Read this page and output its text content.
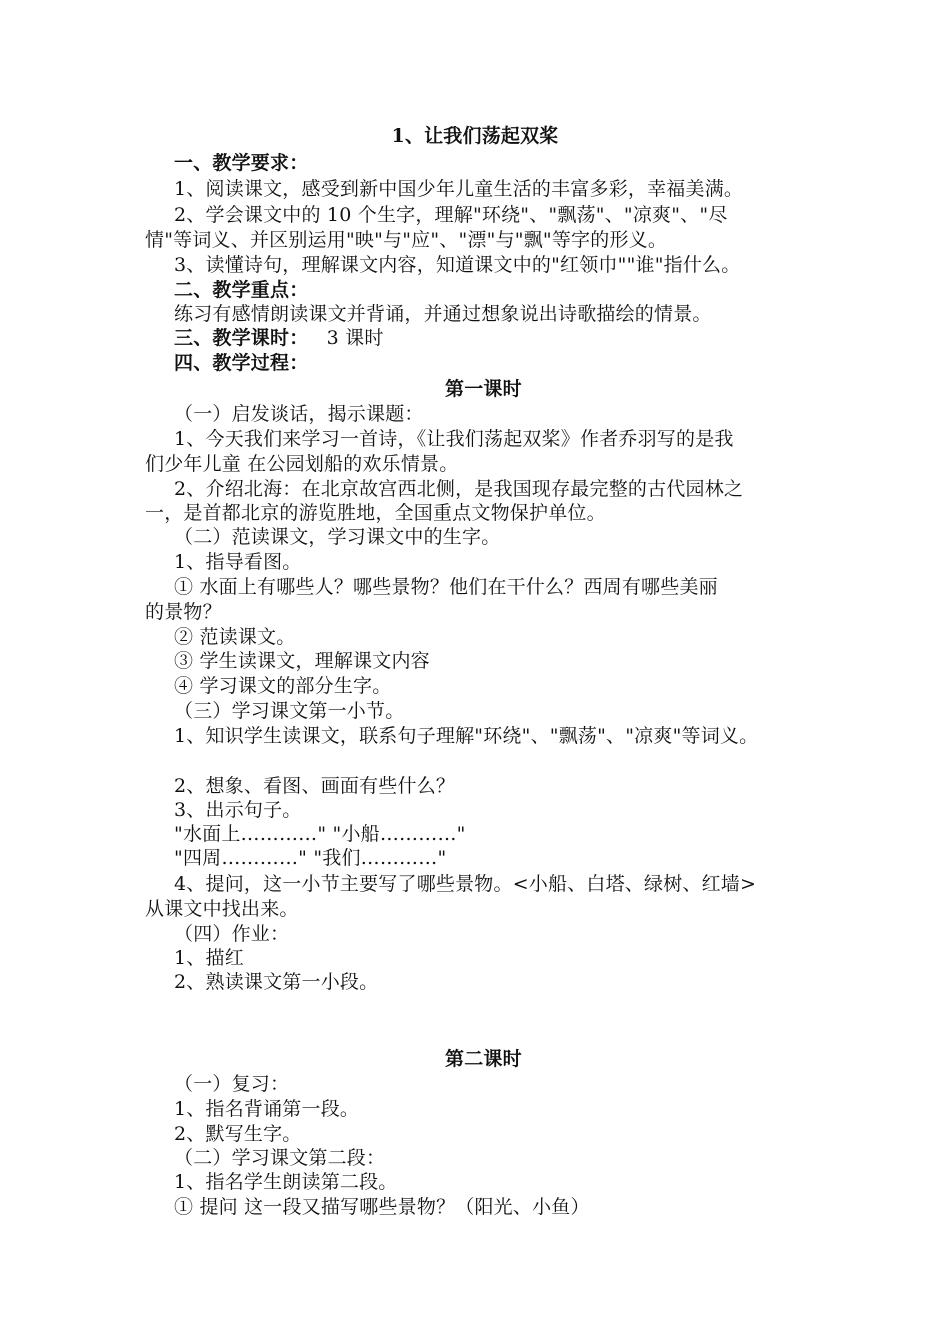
1、让我们荡起双桨
一、教学要求：
1、阅读课文，感受到新中国少年儿童生活的丰富多彩，幸福美满。
2、学会课文中的 10 个生字，理解"环绕"、"飘荡"、"凉爽"、"尽
情"等词义、并区别运用"映"与"应"、"漂"与"飘"等字的形义。
3、读懂诗句，理解课文内容，知道课文中的"红领巾""谁"指什么。
二、教学重点：
练习有感情朗读课文并背诵，并通过想象说出诗歌描绘的情景。
三、教学课时： 3 课时
四、教学过程：
第一课时
（一）启发谈话，揭示课题：
1、今天我们来学习一首诗，《让我们荡起双桨》作者乔羽写的是我
们少年儿童 在公园划船的欢乐情景。
2、介绍北海：在北京故宫西北侧，是我国现存最完整的古代园林之
一，是首都北京的游览胜地，全国重点文物保护单位。
（二）范读课文，学习课文中的生字。
1、指导看图。
① 水面上有哪些人？哪些景物？他们在干什么？西周有哪些美丽
的景物？
② 范读课文。
③ 学生读课文，理解课文内容
④ 学习课文的部分生字。
（三）学习课文第一小节。
1、知识学生读课文，联系句子理解"环绕"、"飘荡"、"凉爽"等词义。
2、想象、看图、画面有些什么？
3、出示句子。
"水面上…………" "小船…………"
"四周…………" "我们…………"
4、提问，这一小节主要写了哪些景物。<小船、白塔、绿树、红墙>
从课文中找出来。
（四）作业：
1、描红
2、熟读课文第一小段。
第二课时
（一）复习：
1、指名背诵第一段。
2、默写生字。
（二）学习课文第二段：
1、指名学生朗读第二段。
① 提问 这一段又描写哪些景物？（阳光、小鱼）
